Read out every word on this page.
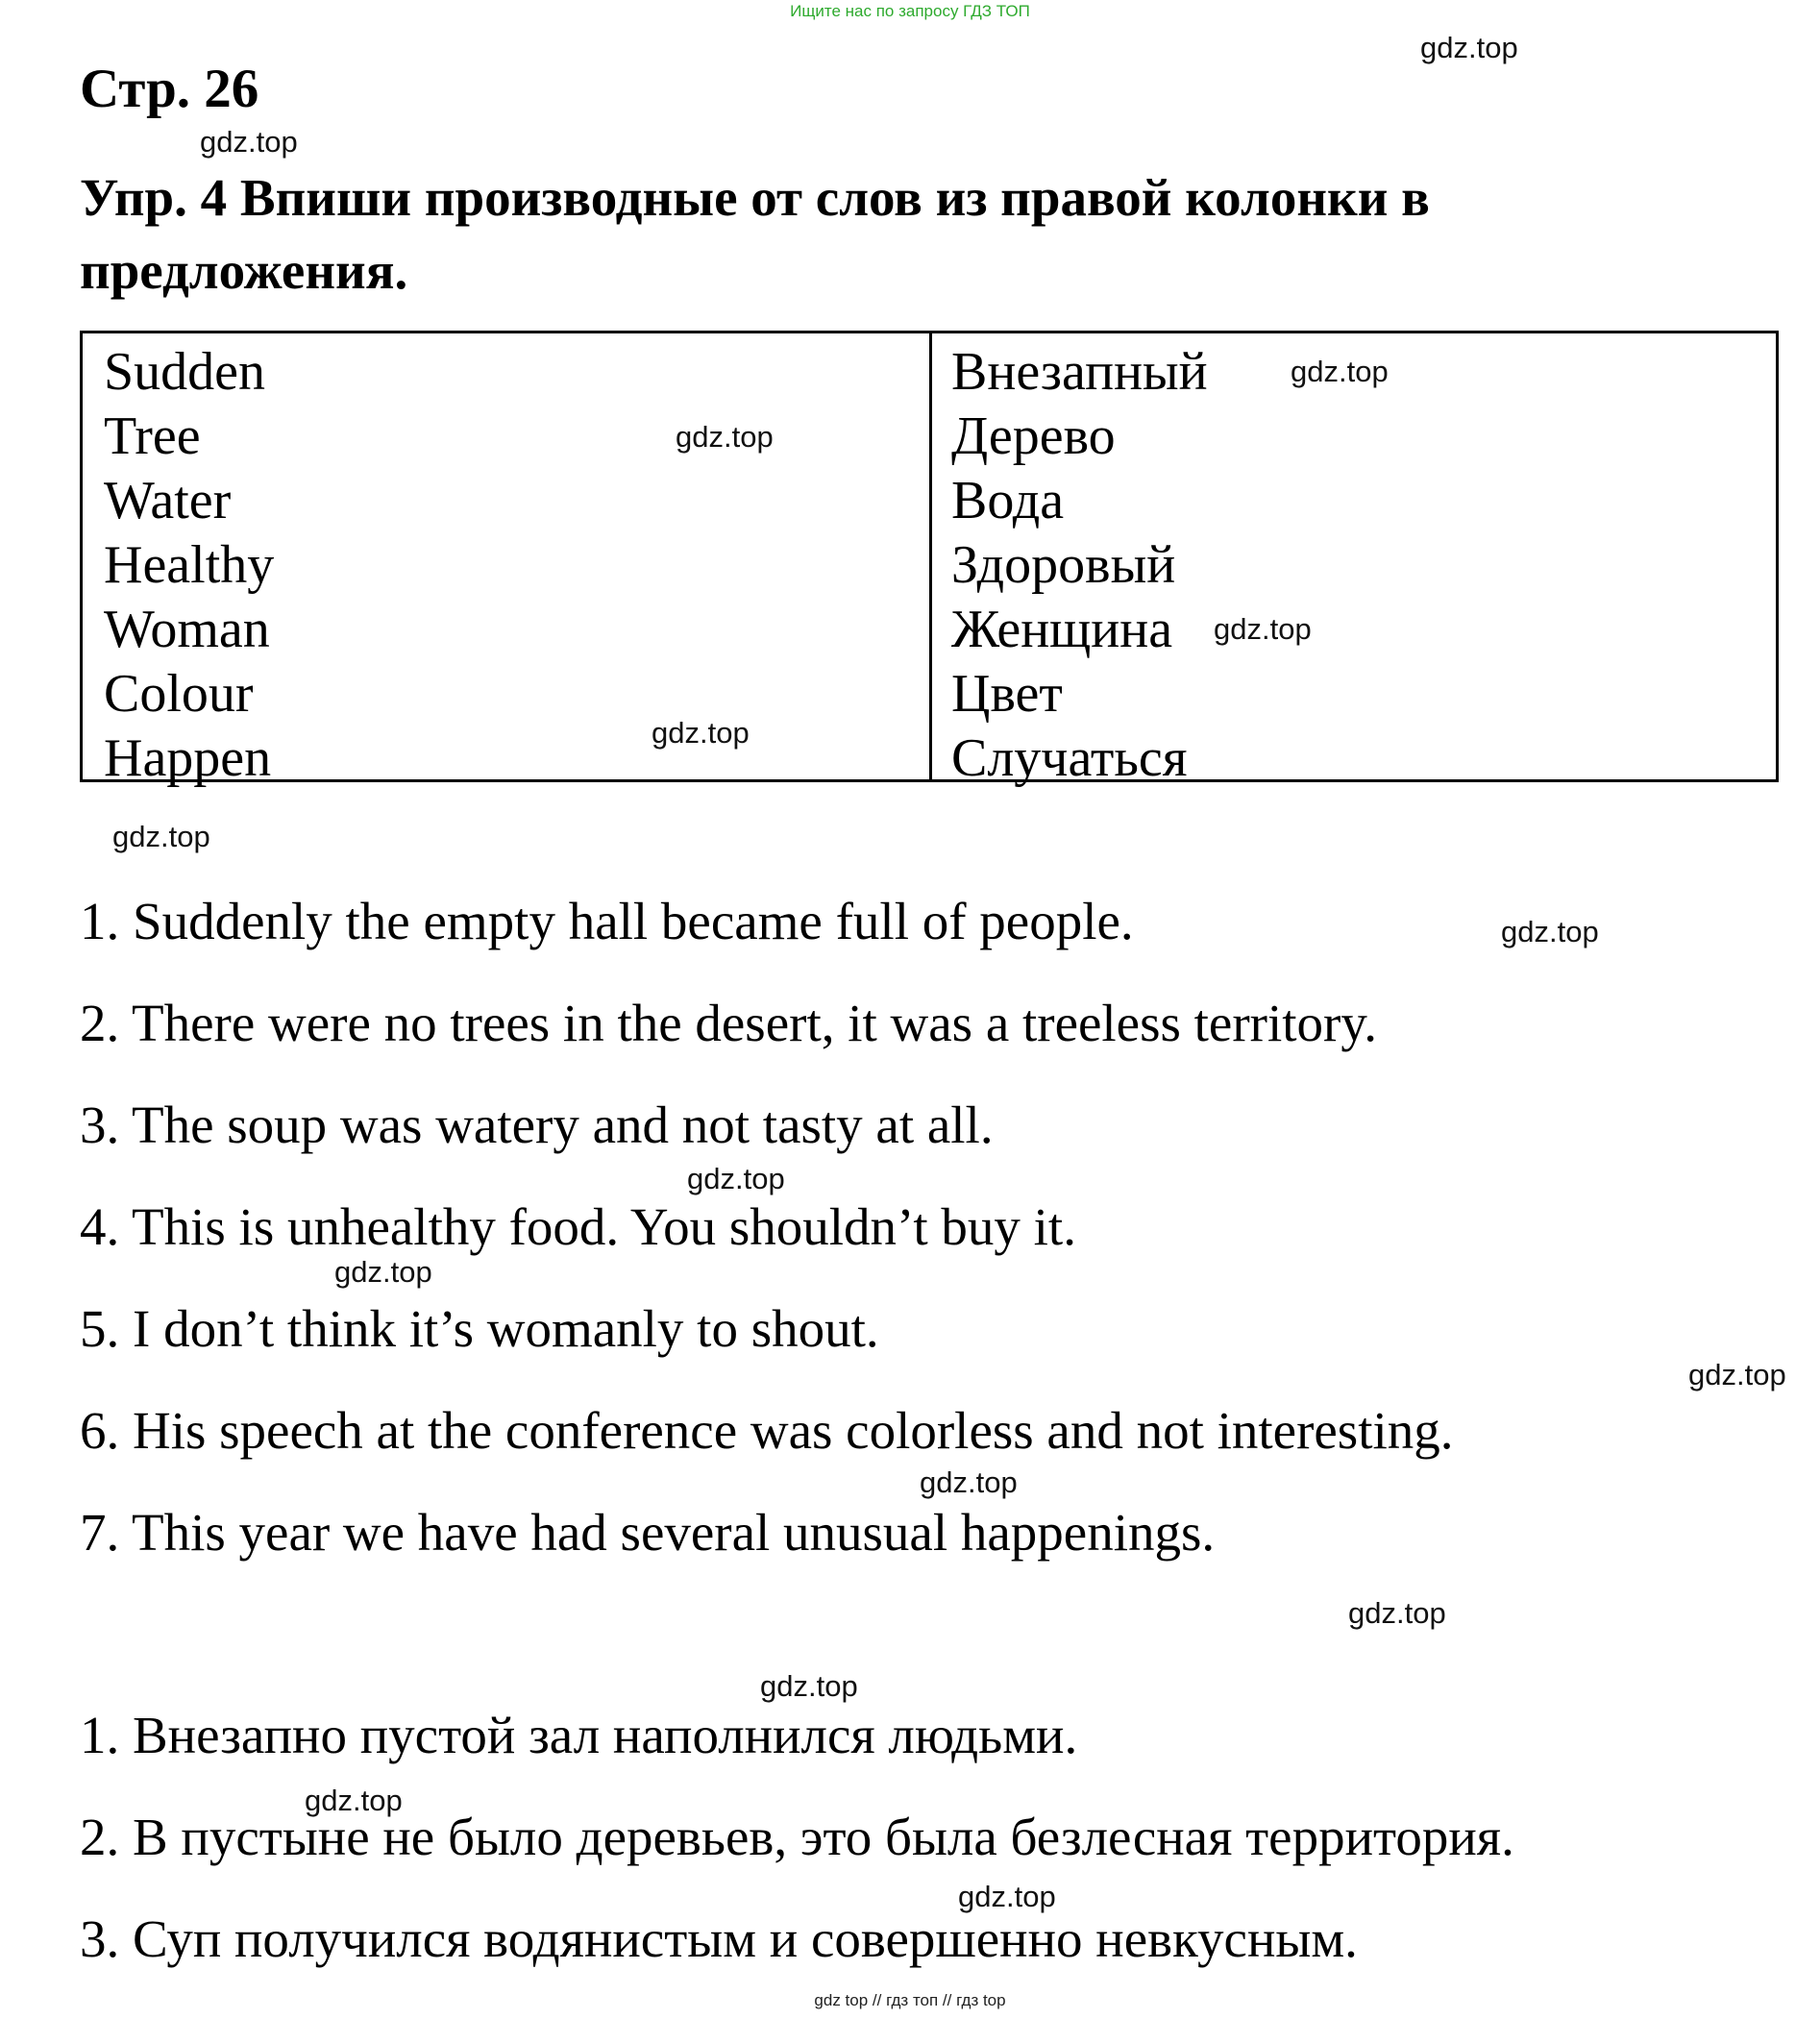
Ищите нас по запросу ГДЗ ТОП
Стр. 26
Упр. 4 Впиши производные от слов из правой колонки в предложения.
Sudden
Tree
Water
Healthy
Woman
Colour
Happen
Внезапный
Дерево
Вода
Здоровый
Женщина
Цвет
Случаться
1. Suddenly the empty hall became full of people.
2. There were no trees in the desert, it was a treeless territory.
3. The soup was watery and not tasty at all.
4. This is unhealthy food. You shouldn’t buy it.
5. I don’t think it’s womanly to shout.
6. His speech at the conference was colorless and not interesting.
7. This year we have had several unusual happenings.
1. Внезапно пустой зал наполнился людьми.
2. В пустыне не было деревьев, это была безлесная территория.
3. Суп получился водянистым и совершенно невкусным.
gdz.top
gdz.top
gdz.top
gdz.top
gdz.top
gdz.top
gdz.top
gdz.top
gdz.top
gdz.top
gdz.top
gdz.top
gdz.top
gdz.top
gdz.top
gdz.top
gdz top // гдз топ // гдз top
